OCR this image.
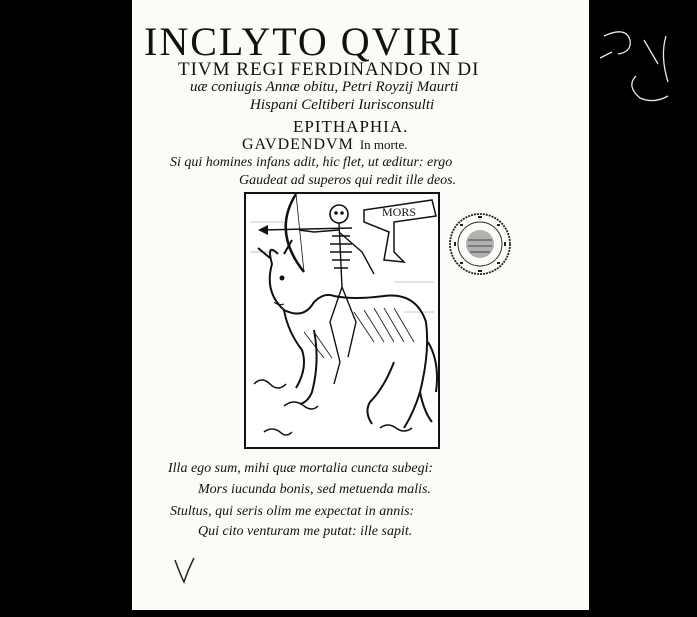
INCLYTO QVIRI
TIVM REGI FERDINANDO IN DI
uæ coniugis Annæ obitu, Petri Royzij Maurti
Hispani Celtiberi Iurisconsulti
EPITHAPHIA.
GAVDENDVM In morte.
Si qui homines infans adit, hic flet, ut æditur: ergo
Gaudeat ad superos qui redit ille deos.
MORS
Illa ego sum, mihi quæ mortalia cuncta subegi:
Mors iucunda bonis, sed metuenda malis.
Stultus, qui seris olim me expectat in annis:
Qui cito venturam me putat: ille sapit.
